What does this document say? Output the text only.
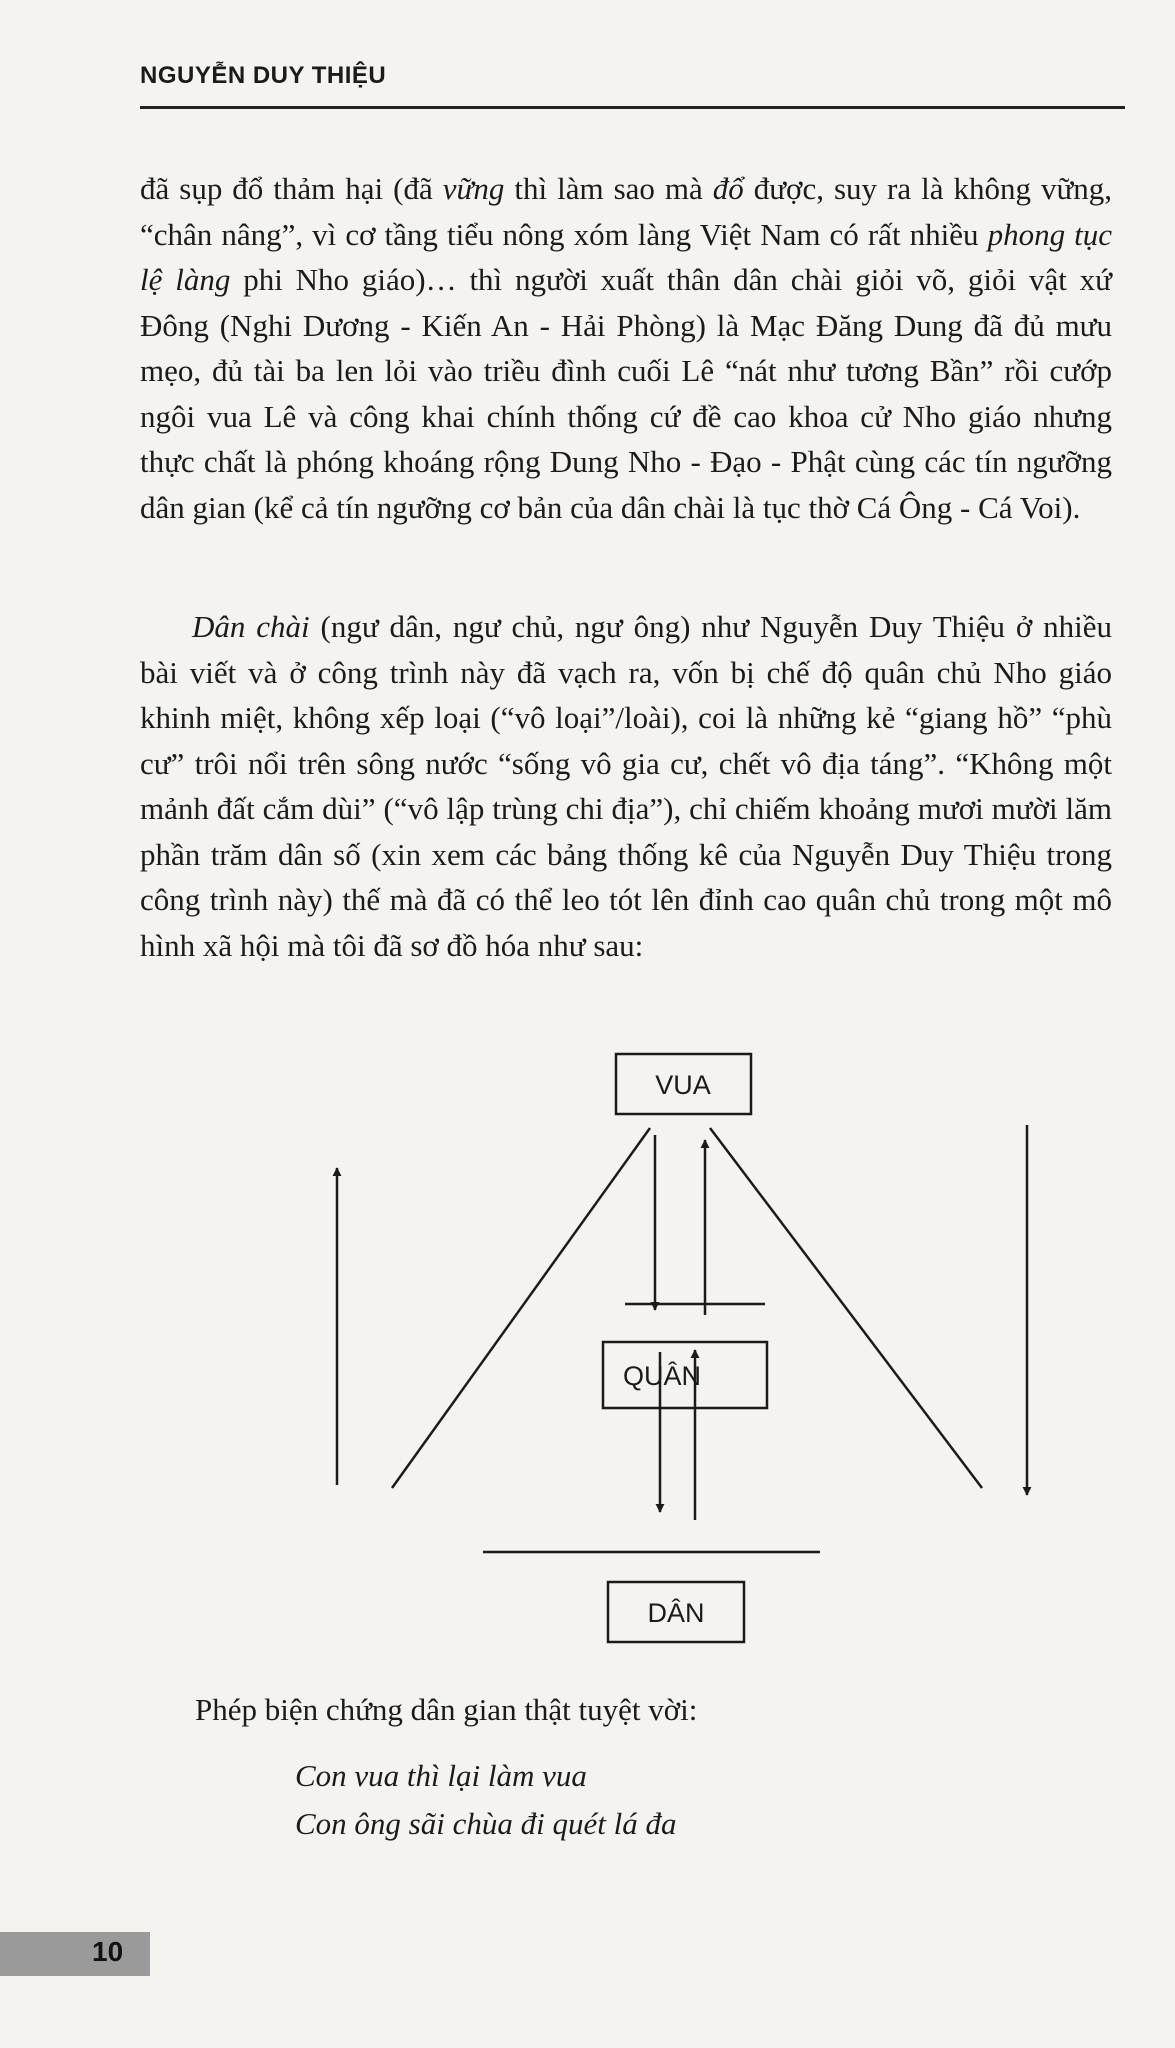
NGUYỄN DUY THIỆU

đã sụp đổ thảm hại (đã vững thì làm sao mà đổ được, suy ra là không vững, “chân nâng”, vì cơ tầng tiểu nông xóm làng Việt Nam có rất nhiều phong tục lệ làng phi Nho giáo)… thì người xuất thân dân chài giỏi võ, giỏi vật xứ Đông (Nghi Dương - Kiến An - Hải Phòng) là Mạc Đăng Dung đã đủ mưu mẹo, đủ tài ba len lỏi vào triều đình cuối Lê “nát như tương Bần” rồi cướp ngôi vua Lê và công khai chính thống cứ đề cao khoa cử Nho giáo nhưng thực chất là phóng khoáng rộng Dung Nho - Đạo - Phật cùng các tín ngưỡng dân gian (kể cả tín ngưỡng cơ bản của dân chài là tục thờ Cá Ông - Cá Voi).

Dân chài (ngư dân, ngư chủ, ngư ông) như Nguyễn Duy Thiệu ở nhiều bài viết và ở công trình này đã vạch ra, vốn bị chế độ quân chủ Nho giáo khinh miệt, không xếp loại (“vô loại”/loài), coi là những kẻ “giang hồ” “phù cư” trôi nổi trên sông nước “sống vô gia cư, chết vô địa táng”. “Không một mảnh đất cắm dùi” (“vô lập trùng chi địa”), chỉ chiếm khoảng mươi mười lăm phần trăm dân số (xin xem các bảng thống kê của Nguyễn Duy Thiệu trong công trình này) thế mà đã có thể leo tót lên đỉnh cao quân chủ trong một mô hình xã hội mà tôi đã sơ đồ hóa như sau:

VUA
QUÂN
DÂN
Phép biện chứng dân gian thật tuyệt vời:
Con vua thì lại làm vua
Con ông sãi chùa đi quét lá đa
10
